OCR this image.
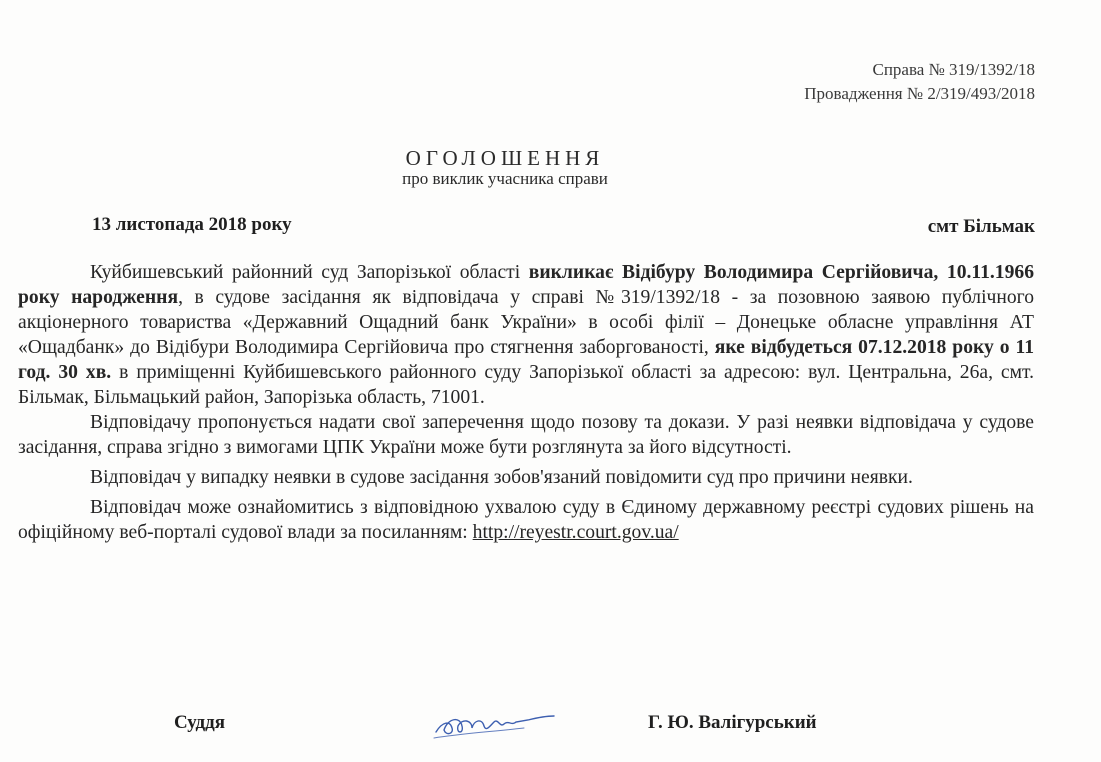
Справа № 319/1392/18
Провадження № 2/319/493/2018
ОГОЛОШЕННЯ
про виклик учасника справи
13 листопада 2018 року	смт Більмак

Куйбишевський районний суд Запорізької області викликає Відібуру Володимира Сергійовича, 10.11.1966 року народження, в судове засідання як відповідача у справі №319/1392/18 - за позовною заявою публічного акціонерного товариства «Державний Ощадний банк України» в особі філії – Донецьке обласне управління АТ «Ощадбанк» до Відібури Володимира Сергійовича про стягнення заборгованості, яке відбудеться 07.12.2018 року о 11 год. 30 хв. в приміщенні Куйбишевського районного суду Запорізької області за адресою: вул. Центральна, 26а, смт. Більмак, Більмацький район, Запорізька область, 71001.

Відповідачу пропонується надати свої заперечення щодо позову та докази. У разі неявки відповідача у судове засідання, справа згідно з вимогами ЦПК України може бути розглянута за його відсутності.

Відповідач у випадку неявки в судове засідання зобов'язаний повідомити суд про причини неявки.

Відповідач може ознайомитись з відповідною ухвалою суду в Єдиному державному реєстрі судових рішень на офіційному веб-порталі судової влади за посиланням: http://reyestr.court.gov.ua/

Суддя	Г. Ю. Валігурський
